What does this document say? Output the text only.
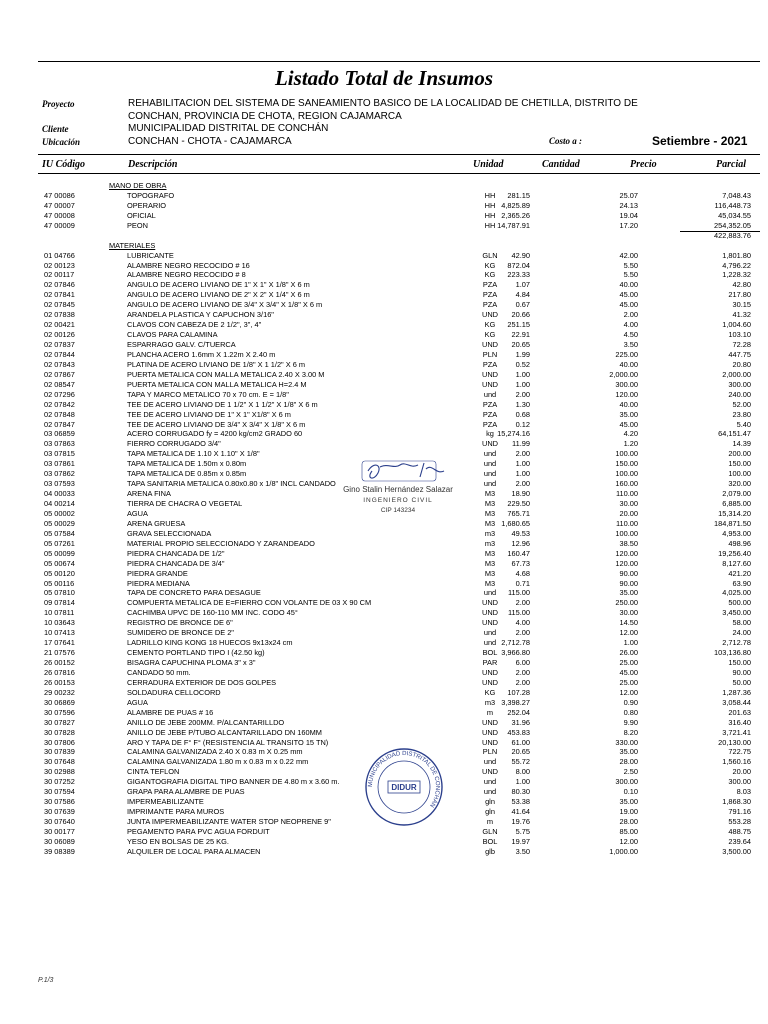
Listado Total de Insumos
Proyecto	REHABILITACION DEL SISTEMA DE SANEAMIENTO BASICO DE LA LOCALIDAD DE CHETILLA, DISTRITO DE
CONCHAN, PROVINCIA DE CHOTA, REGION CAJAMARCA
Cliente	MUNICIPALIDAD DISTRITAL DE CONCHÁN
Ubicación	CONCHAN - CHOTA - CAJAMARCA	Costo a :	Setiembre - 2021
IU Código	Descripción	Unidad	Cantidad	Precio	Parcial
MANO DE OBRA
47 00086	TOPOGRAFO	HH	281.15	25.07	7,048.43
47 00007	OPERARIO	HH 4,825.89	24.13	116,448.73
47 00008	OFICIAL	HH 2,365.26	19.04	45,034.55
47 00009	PEON	HH 14,787.91	17.20	254,352.05
422,883.76
MATERIALES
01 04766	LUBRICANTE	GLN	42.90	42.00	1,801.80
02 00123	ALAMBRE NEGRO RECOCIDO # 16	KG	872.04	5.50	4,796.22
02 00117	ALAMBRE NEGRO RECOCIDO # 8	KG	223.33	5.50	1,228.32
02 07846	ANGULO DE ACERO LIVIANO DE 1" X 1" X 1/8" X 6 m	PZA	1.07	40.00	42.80
02 07841	ANGULO DE ACERO LIVIANO DE 2" X 2" X 1/4" X 6 m	PZA	4.84	45.00	217.80
02 07845	ANGULO DE ACERO LIVIANO DE 3/4" X 3/4" X 1/8" X 6 m	PZA	0.67	45.00	30.15
02 07838	ARANDELA PLASTICA Y CAPUCHON 3/16"	UND	20.66	2.00	41.32
02 00421	CLAVOS CON CABEZA DE 2 1/2", 3", 4"	KG	251.15	4.00	1,004.60
02 00126	CLAVOS PARA CALAMINA	KG	22.91	4.50	103.10
02 07837	ESPARRAGO GALV. C/TUERCA	UND	20.65	3.50	72.28
02 07844	PLANCHA ACERO 1.6mm X 1.22m X 2.40 m	PLN	1.99	225.00	447.75
02 07843	PLATINA DE ACERO LIVIANO DE 1/8" X 1 1/2" X 6 m	PZA	0.52	40.00	20.80
02 07867	PUERTA METALICA CON MALLA METALICA 2.40 X 3.00 M	UND	1.00	2,000.00	2,000.00
02 08547	PUERTA METALICA CON MALLA METALICA H=2.4 M	UND	1.00	300.00	300.00
02 07296	TAPA Y MARCO METALICO 70 x 70 cm. E = 1/8"	und	2.00	120.00	240.00
02 07842	TEE DE ACERO LIVIANO DE 1 1/2" X 1 1/2" X 1/8" X 6 m	PZA	1.30	40.00	52.00
02 07848	TEE DE ACERO LIVIANO DE 1" X 1" X1/8" X 6 m	PZA	0.68	35.00	23.80
02 07847	TEE DE ACERO LIVIANO DE 3/4" X 3/4" X 1/8" X 6 m	PZA	0.12	45.00	5.40
03 06859	ACERO CORRUGADO fy = 4200 kg/cm2 GRADO 60	kg 15,274.16	4.20	64,151.47
03 07863	FIERRO CORRUGADO 3/4"	UND	11.99	1.20	14.39
03 07815	TAPA METALICA DE 1.10 X 1.10" X 1/8"	und	2.00	100.00	200.00
03 07861	TAPA METALICA DE 1.50m x 0.80m	und	1.00	150.00	150.00
03 07862	TAPA METALICA DE 0.85m x 0.85m	und	1.00	100.00	100.00
03 07593	TAPA SANITARIA METALICA 0.80x0.80 x 1/8" INCL CANDADO	und	2.00	160.00	320.00
04 00033	ARENA FINA	M3	18.90	110.00	2,079.00
04 00214	TIERRA DE CHACRA O VEGETAL	M3	229.50	30.00	6,885.00
05 00002	AGUA	M3	765.71	20.00	15,314.20
05 00029	ARENA GRUESA	M3 1,680.65	110.00	184,871.50
05 07584	GRAVA SELECCIONADA	m3	49.53	100.00	4,953.00
05 07261	MATERIAL PROPIO SELECCIONADO Y ZARANDEADO	m3	12.96	38.50	498.96
05 00099	PIEDRA CHANCADA DE 1/2"	M3	160.47	120.00	19,256.40
05 00674	PIEDRA CHANCADA DE 3/4"	M3	67.73	120.00	8,127.60
05 00120	PIEDRA GRANDE	M3	4.68	90.00	421.20
05 00116	PIEDRA MEDIANA	M3	0.71	90.00	63.90
05 07810	TAPA DE CONCRETO PARA DESAGUE	und	115.00	35.00	4,025.00
09 07814	COMPUERTA METALICA DE E=FIERRO CON VOLANTE DE 03 X 90 CM	UND	2.00	250.00	500.00
10 07811	CACHIMBA UPVC DE 160-110 MM INC. CODO 45°	UND	115.00	30.00	3,450.00
10 03643	REGISTRO DE BRONCE DE 6"	UND	4.00	14.50	58.00
10 07413	SUMIDERO DE BRONCE DE 2"	und	2.00	12.00	24.00
17 07641	LADRILLO KING KONG 18 HUECOS 9x13x24 cm	und 2,712.78	1.00	2,712.78
21 07576	CEMENTO PORTLAND TIPO I (42.50 kg)	BOL 3,966.80	26.00	103,136.80
26 00152	BISAGRA CAPUCHINA PLOMA 3" x 3"	PAR	6.00	25.00	150.00
26 07816	CANDADO 50 mm.	UND	2.00	45.00	90.00
26 00153	CERRADURA EXTERIOR DE DOS GOLPES	UND	2.00	25.00	50.00
29 00232	SOLDADURA CELLOCORD	KG	107.28	12.00	1,287.36
30 06869	AGUA	m3 3,398.27	0.90	3,058.44
30 07596	ALAMBRE DE PUAS # 16	m	252.04	0.80	201.63
30 07827	ANILLO DE JEBE 200MM. P/ALCANTARILLDO	UND	31.96	9.90	316.40
30 07828	ANILLO DE JEBE P/TUBO ALCANTARILLADO DN 160MM	UND	453.83	8.20	3,721.41
30 07806	ARO Y TAPA DE F° F° (RESISTENCIA AL TRANSITO 15 TN)	UND	61.00	330.00	20,130.00
30 07839	CALAMINA GALVANIZADA 2.40 X 0.83 m X 0.25 mm	PLN	20.65	35.00	722.75
30 07648	CALAMINA GALVANIZADA 1.80 m x 0.83 m x 0.22 mm	und	55.72	28.00	1,560.16
30 02988	CINTA TEFLON	UND	8.00	2.50	20.00
30 07252	GIGANTOGRAFIA DIGITAL TIPO BANNER DE 4.80 m x 3.60 m.	und	1.00	300.00	300.00
30 07594	GRAPA PARA ALAMBRE DE PUAS	und	80.30	0.10	8.03
30 07586	IMPERMEABILIZANTE	gln	53.38	35.00	1,868.30
30 07639	IMPRIMANTE PARA MUROS	gln	41.64	19.00	791.16
30 07640	JUNTA IMPERMEABILIZANTE WATER STOP NEOPRENE 9"	m	19.76	28.00	553.28
30 00177	PEGAMENTO PARA PVC AGUA FORDUIT	GLN	5.75	85.00	488.75
30 06089	YESO EN BOLSAS DE 25 KG.	BOL	19.97	12.00	239.64
39 08389	ALQUILER DE LOCAL PARA ALMACEN	glb	3.50	1,000.00	3,500.00
Gino Stalin Hernández Salazar
INGENIERO CIVIL
CIP 143234
MUNICIPALIDAD DISTRITAL DE CONCHÁN
DIDUR
P.1/3
